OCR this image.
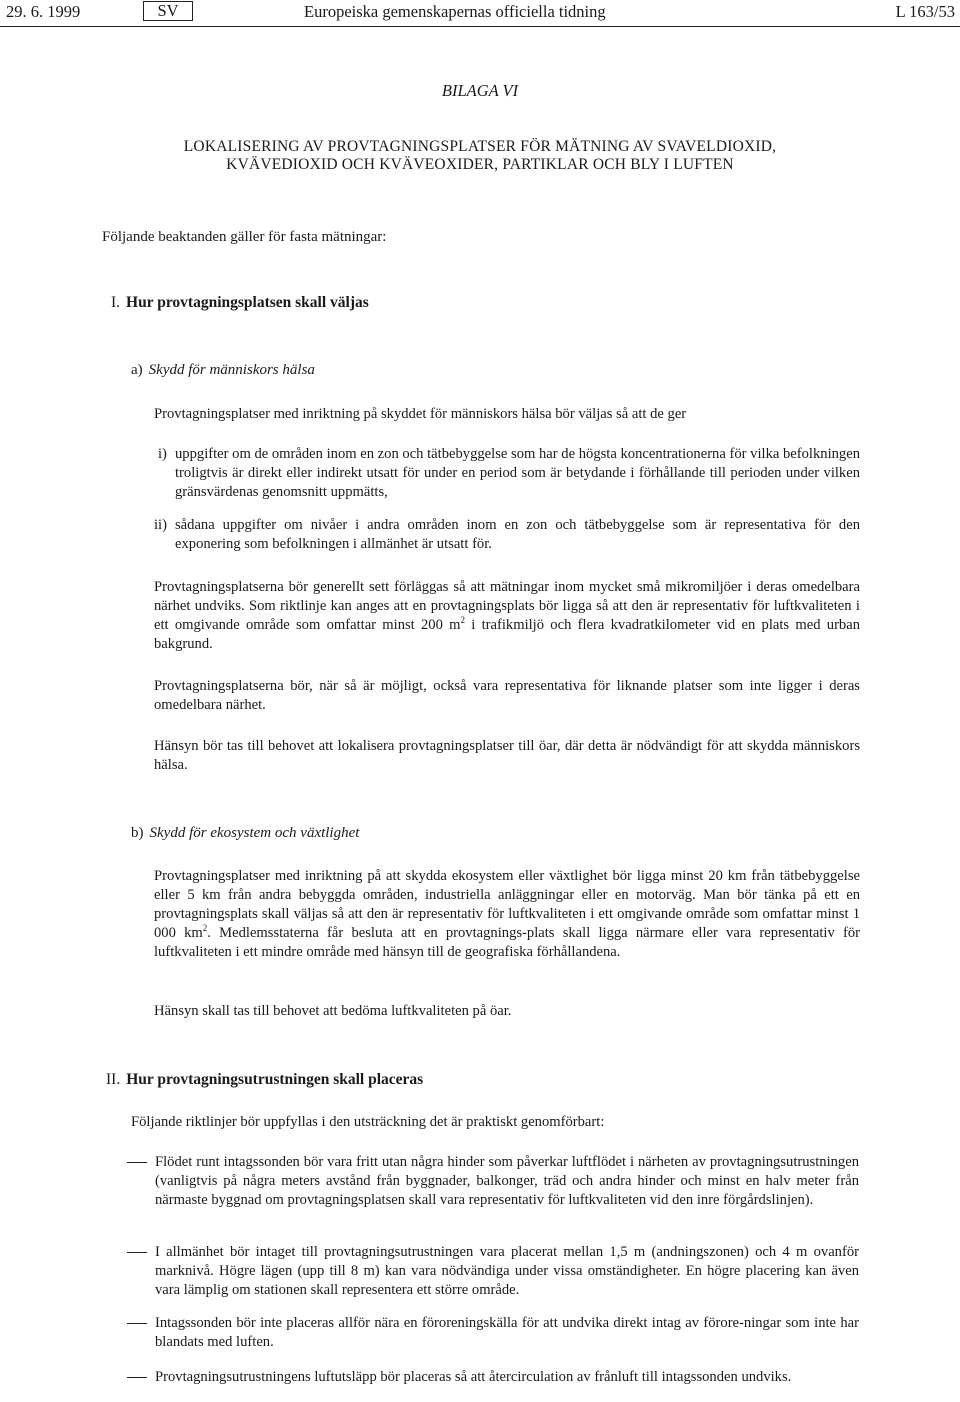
29. 6. 1999	SV	Europeiska gemenskapernas officiella tidning	L 163/53
BILAGA VI
LOKALISERING AV PROVTAGNINGSPLATSER FÖR MÄTNING AV SVAVELDIOXID,
KVÄVEDIOXID OCH KVÄVEOXIDER, PARTIKLAR OCH BLY I LUFTEN
Följande beaktanden gäller för fasta mätningar:
I. Hur provtagningsplatsen skall väljas
a) Skydd för människors hälsa
Provtagningsplatser med inriktning på skyddet för människors hälsa bör väljas så att de ger
i) uppgifter om de områden inom en zon och tätbebyggelse som har de högsta koncentrationerna för vilka befolkningen troligtvis är direkt eller indirekt utsatt för under en period som är betydande i förhållande till perioden under vilken gränsvärdenas genomsnitt uppmätts,
ii) sådana uppgifter om nivåer i andra områden inom en zon och tätbebyggelse som är representativa för den exponering som befolkningen i allmänhet är utsatt för.
Provtagningsplatserna bör generellt sett förläggas så att mätningar inom mycket små mikromiljöer i deras omedelbara närhet undviks. Som riktlinje kan anges att en provtagningsplats bör ligga så att den är representativ för luftkvaliteten i ett omgivande område som omfattar minst 200 $m^2$ i trafikmiljö och flera kvadratkilometer vid en plats med urban bakgrund.
Provtagningsplatserna bör, när så är möjligt, också vara representativa för liknande platser som inte ligger i deras omedelbara närhet.
Hänsyn bör tas till behovet att lokalisera provtagningsplatser till öar, där detta är nödvändigt för att skydda människors hälsa.
b) Skydd för ekosystem och växtlighet
Provtagningsplatser med inriktning på att skydda ekosystem eller växtlighet bör ligga minst 20 km från tätbebyggelse eller 5 km från andra bebyggda områden, industriella anläggningar eller en motorväg. Man bör tänka på ett en provtagningsplats skall väljas så att den är representativ för luftkvaliteten i ett omgivande område som omfattar minst 1 000 $km^2$. Medlemsstaterna får besluta att en provtagnings-plats skall ligga närmare eller vara representativ för luftkvaliteten i ett mindre område med hänsyn till de geografiska förhållandena.
Hänsyn skall tas till behovet att bedöma luftkvaliteten på öar.
II. Hur provtagningsutrustningen skall placeras
Följande riktlinjer bör uppfyllas i den utsträckning det är praktiskt genomförbart:
Flödet runt intagssonden bör vara fritt utan några hinder som påverkar luftflödet i närheten av provtagningsutrustningen (vanligtvis på några meters avstånd från byggnader, balkonger, träd och andra hinder och minst en halv meter från närmaste byggnad om provtagningsplatsen skall vara representativ för luftkvaliteten vid den inre förgårdslinjen).
I allmänhet bör intaget till provtagningsutrustningen vara placerat mellan 1,5 m (andningszonen) och 4 m ovanför marknivå. Högre lägen (upp till 8 m) kan vara nödvändiga under vissa omständigheter. En högre placering kan även vara lämplig om stationen skall representera ett större område.
Intagssonden bör inte placeras allför nära en föroreningskälla för att undvika direkt intag av förore-ningar som inte har blandats med luften.
Provtagningsutrustningens luftutsläpp bör placeras så att återcirculation av frånluft till intagssonden undviks.
